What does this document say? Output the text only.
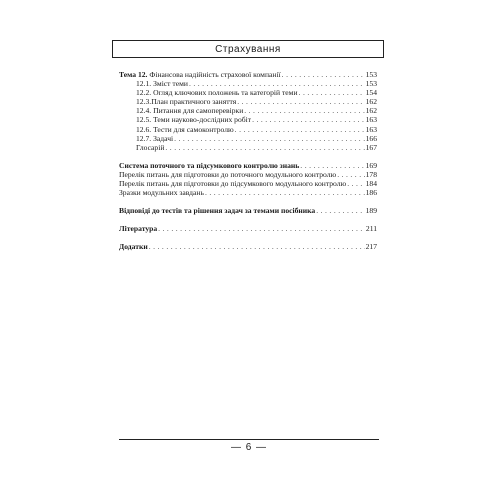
Страхування
Тема 12. Фінансова надійність страхової компанії . . .	153
12.1. Зміст теми . . .	153
12.2. Огляд ключових положень та категорій теми . . .	154
12.3.План практичного заняття . . .	162
12.4. Питання для самоперевірки . . .	162
12.5. Теми науково-дослідних робіт . . .	163
12.6. Тести для самоконтролю . . .	163
12.7. Задачі . . .	166
Глосарій . . .	167
Система поточного та підсумкового контролю знань . . .	169
Перелік питань для підготовки до поточного модульного контролю . . .	178
Перелік питань для підготовки до підсумкового модульного контролю . . .	184
Зразки модульних завдань . . .	186
Відповіді до тестів та рішення задач за темами посібника . . .	189
Література . . .	211
Додатки . . .	217
— 6 —
